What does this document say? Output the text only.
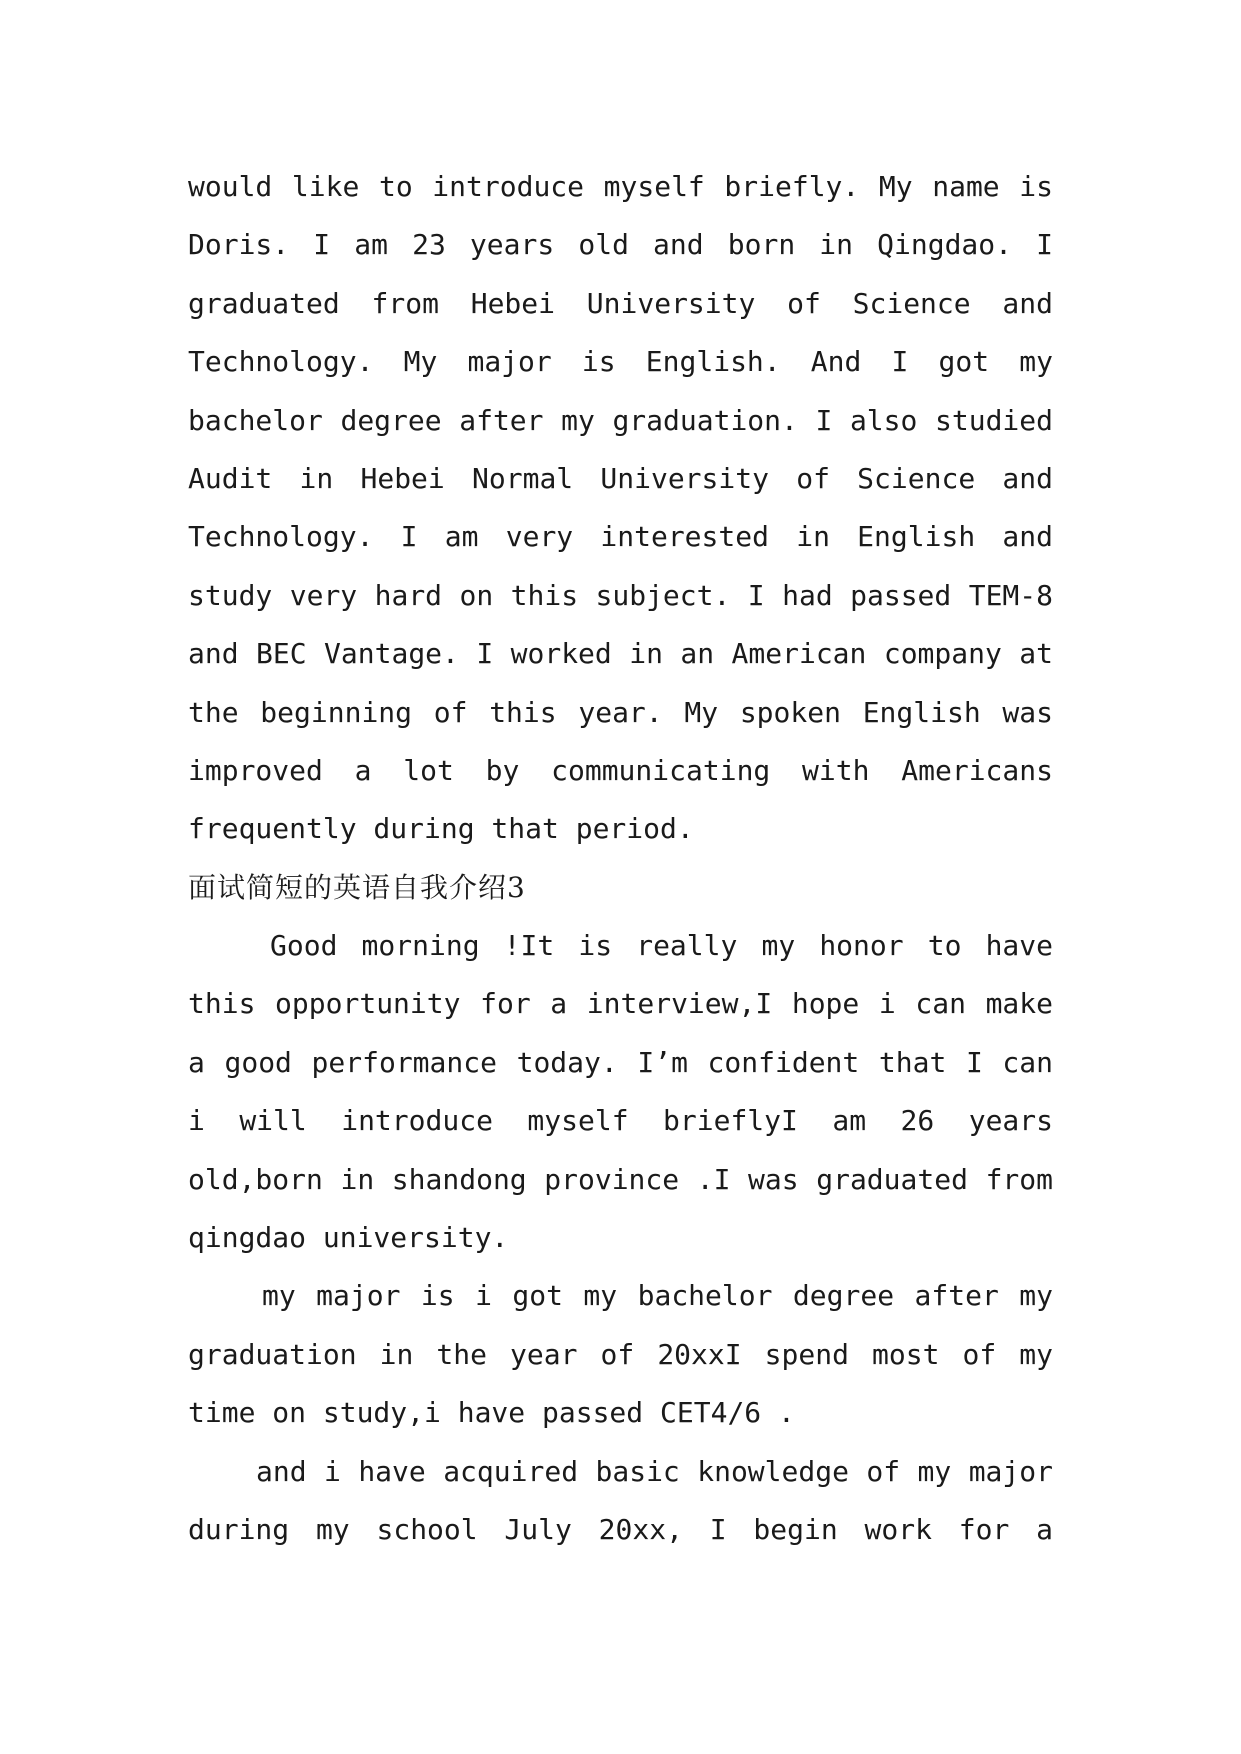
would like to introduce myself briefly. My name is
Doris. I am 23 years old and born in Qingdao. I
graduated from Hebei University of Science and
Technology. My major is English. And I got my
bachelor degree after my graduation. I also studied
Audit in Hebei Normal University of Science and
Technology. I am very interested in English and
study very hard on this subject. I had passed TEM-8
and BEC Vantage. I worked in an American company at
the beginning of this year. My spoken English was
improved a lot by communicating with Americans
frequently during that period.
面试简短的英语自我介绍3
Good morning !It is really my honor to have
this opportunity for a interview,I hope i can make
a good performance today. I’m confident that I can
i will introduce myself brieflyI am 26 years
old,born in shandong province .I was graduated from
qingdao university.
my major is i got my bachelor degree after my
graduation in the year of 20xxI spend most of my
time on study,i have passed CET4/6 .
and i have acquired basic knowledge of my major
during my school July 20xx, I begin work for a
